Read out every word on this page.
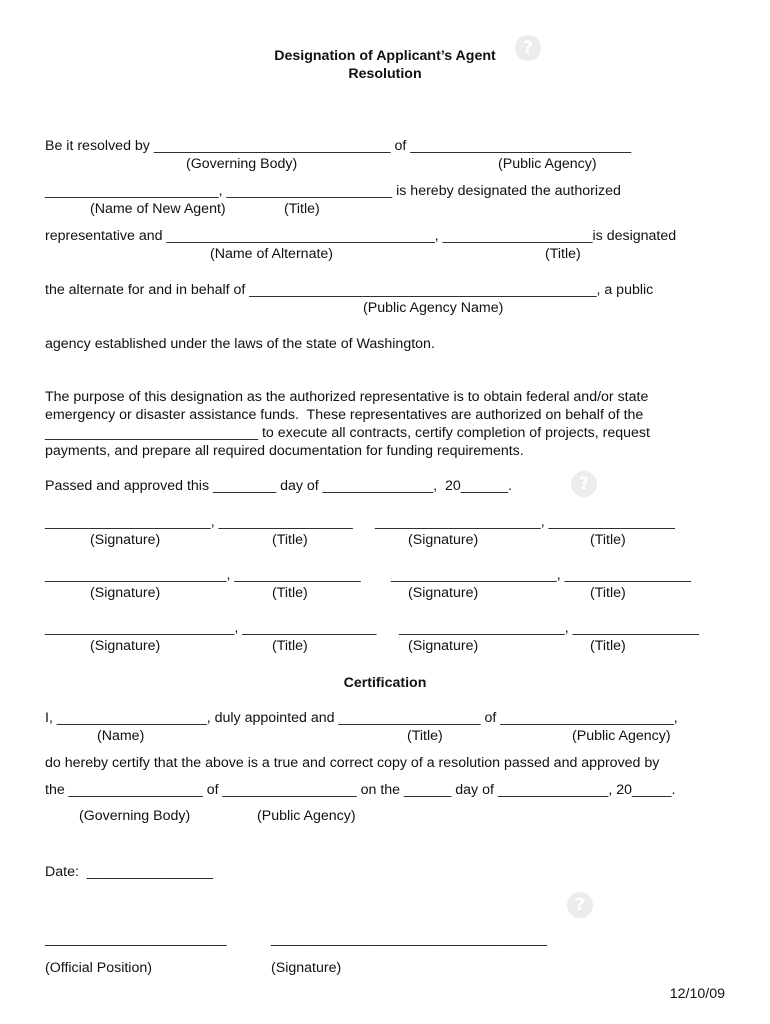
Designation of Applicant’s Agent
Resolution
?
Be it resolved by ______________________________ of ____________________________
(Governing Body)	(Public Agency)
______________________, _____________________ is hereby designated the authorized
(Name of New Agent)	(Title)
representative and __________________________________, ___________________is designated
(Name of Alternate)	(Title)
the alternate for and in behalf of ____________________________________________, a public
(Public Agency Name)
agency established under the laws of the state of Washington.
The purpose of this designation as the authorized representative is to obtain federal and/or state
emergency or disaster assistance funds.  These representatives are authorized on behalf of the
___________________________ to execute all contracts, certify completion of projects, request
payments, and prepare all required documentation for funding requirements.
Passed and approved this ________ day of ______________,  20______.	?
_____________________, _________________ _____________________, ________________
(Signature)	(Title)	(Signature)	(Title)
_______________________, ________________ _____________________, ________________
(Signature)	(Title)	(Signature)	(Title)
________________________, _________________ _____________________, ________________
(Signature)	(Title)	(Signature)	(Title)
Certification
I, ___________________, duly appointed and __________________ of ______________________,
(Name)	(Title)	(Public Agency)
do hereby certify that the above is a true and correct copy of a resolution passed and approved by
the _________________ of _________________ on the ______ day of ______________, 20_____.
(Governing Body)	(Public Agency)
Date:  ________________
?
_______________________	___________________________________
(Official Position)	(Signature)
12/10/09
